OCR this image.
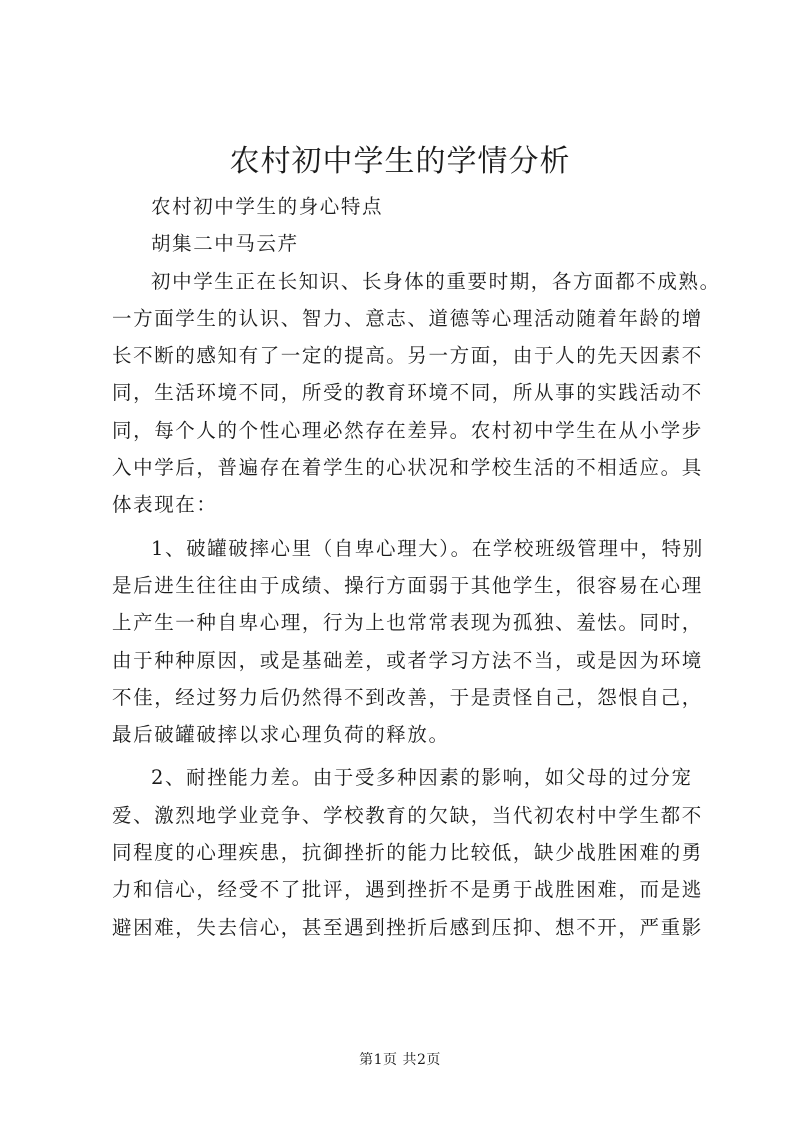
农村初中学生的学情分析
农村初中学生的身心特点
胡集二中马云芹
初中学生正在长知识、长身体的重要时期，各方面都不成熟。
一方面学生的认识、智力、意志、道德等心理活动随着年龄的增
长不断的感知有了一定的提高。另一方面，由于人的先天因素不
同，生活环境不同，所受的教育环境不同，所从事的实践活动不
同，每个人的个性心理必然存在差异。农村初中学生在从小学步
入中学后，普遍存在着学生的心状况和学校生活的不相适应。具
体表现在：
1、破罐破摔心里（自卑心理大）。在学校班级管理中，特别
是后进生往往由于成绩、操行方面弱于其他学生，很容易在心理
上产生一种自卑心理，行为上也常常表现为孤独、羞怯。同时，
由于种种原因，或是基础差，或者学习方法不当，或是因为环境
不佳，经过努力后仍然得不到改善，于是责怪自己，怨恨自己，
最后破罐破摔以求心理负荷的释放。
2、耐挫能力差。由于受多种因素的影响，如父母的过分宠
爱、激烈地学业竞争、学校教育的欠缺，当代初农村中学生都不
同程度的心理疾患，抗御挫折的能力比较低，缺少战胜困难的勇
力和信心，经受不了批评，遇到挫折不是勇于战胜困难，而是逃
避困难，失去信心，甚至遇到挫折后感到压抑、想不开，严重影
第1页 共2页
